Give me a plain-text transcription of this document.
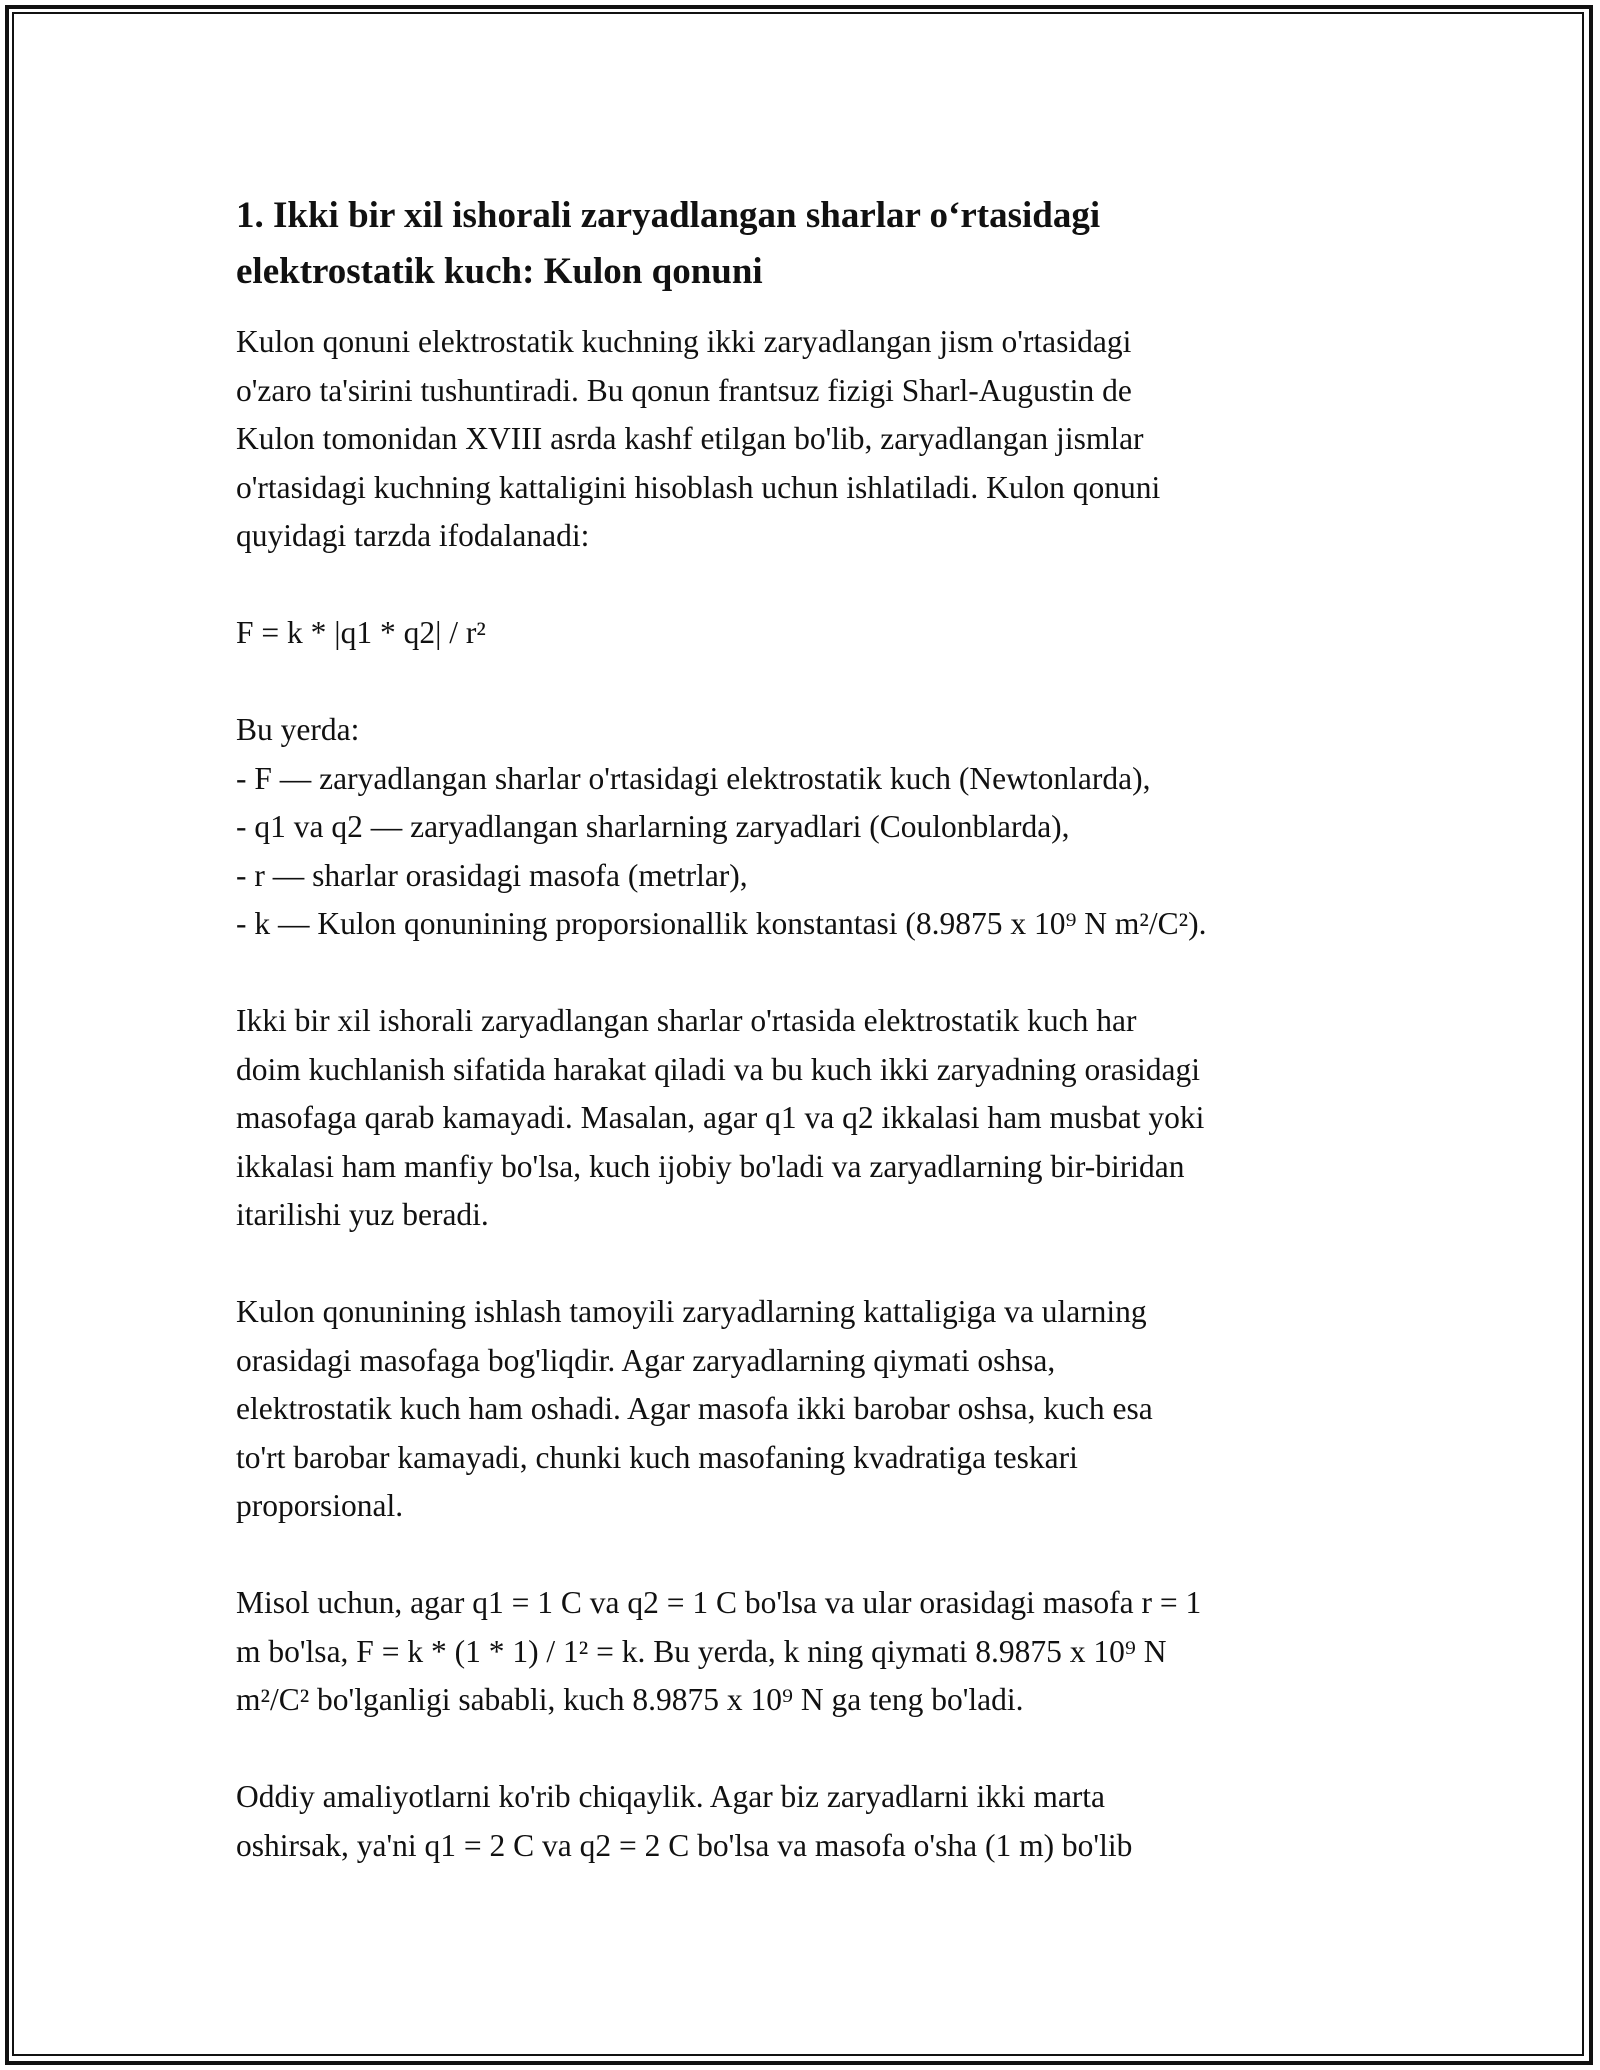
1. Ikki bir xil ishorali zaryadlangan sharlar o‘rtasidagi
elektrostatik kuch: Kulon qonuni

Kulon qonuni elektrostatik kuchning ikki zaryadlangan jism o'rtasidagi
o'zaro ta'sirini tushuntiradi. Bu qonun frantsuz fizigi Sharl-Augustin de
Kulon tomonidan XVIII asrda kashf etilgan bo'lib, zaryadlangan jismlar
o'rtasidagi kuchning kattaligini hisoblash uchun ishlatiladi. Kulon qonuni
quyidagi tarzda ifodalanadi:

F = k * |q1 * q2| / r²

Bu yerda:
- F — zaryadlangan sharlar o'rtasidagi elektrostatik kuch (Newtonlarda),
- q1 va q2 — zaryadlangan sharlarning zaryadlari (Coulonblarda),
- r — sharlar orasidagi masofa (metrlar),
- k — Kulon qonunining proporsionallik konstantasi (8.9875 x 10⁹ N m²/C²).

Ikki bir xil ishorali zaryadlangan sharlar o'rtasida elektrostatik kuch har
doim kuchlanish sifatida harakat qiladi va bu kuch ikki zaryadning orasidagi
masofaga qarab kamayadi. Masalan, agar q1 va q2 ikkalasi ham musbat yoki
ikkalasi ham manfiy bo'lsa, kuch ijobiy bo'ladi va zaryadlarning bir-biridan
itarilishi yuz beradi.

Kulon qonunining ishlash tamoyili zaryadlarning kattaligiga va ularning
orasidagi masofaga bog'liqdir. Agar zaryadlarning qiymati oshsa,
elektrostatik kuch ham oshadi. Agar masofa ikki barobar oshsa, kuch esa
to'rt barobar kamayadi, chunki kuch masofaning kvadratiga teskari
proporsional.

Misol uchun, agar q1 = 1 C va q2 = 1 C bo'lsa va ular orasidagi masofa r = 1
m bo'lsa, F = k * (1 * 1) / 1² = k. Bu yerda, k ning qiymati 8.9875 x 10⁹ N
m²/C² bo'lganligi sababli, kuch 8.9875 x 10⁹ N ga teng bo'ladi.

Oddiy amaliyotlarni ko'rib chiqaylik. Agar biz zaryadlarni ikki marta
oshirsak, ya'ni q1 = 2 C va q2 = 2 C bo'lsa va masofa o'sha (1 m) bo'lib
